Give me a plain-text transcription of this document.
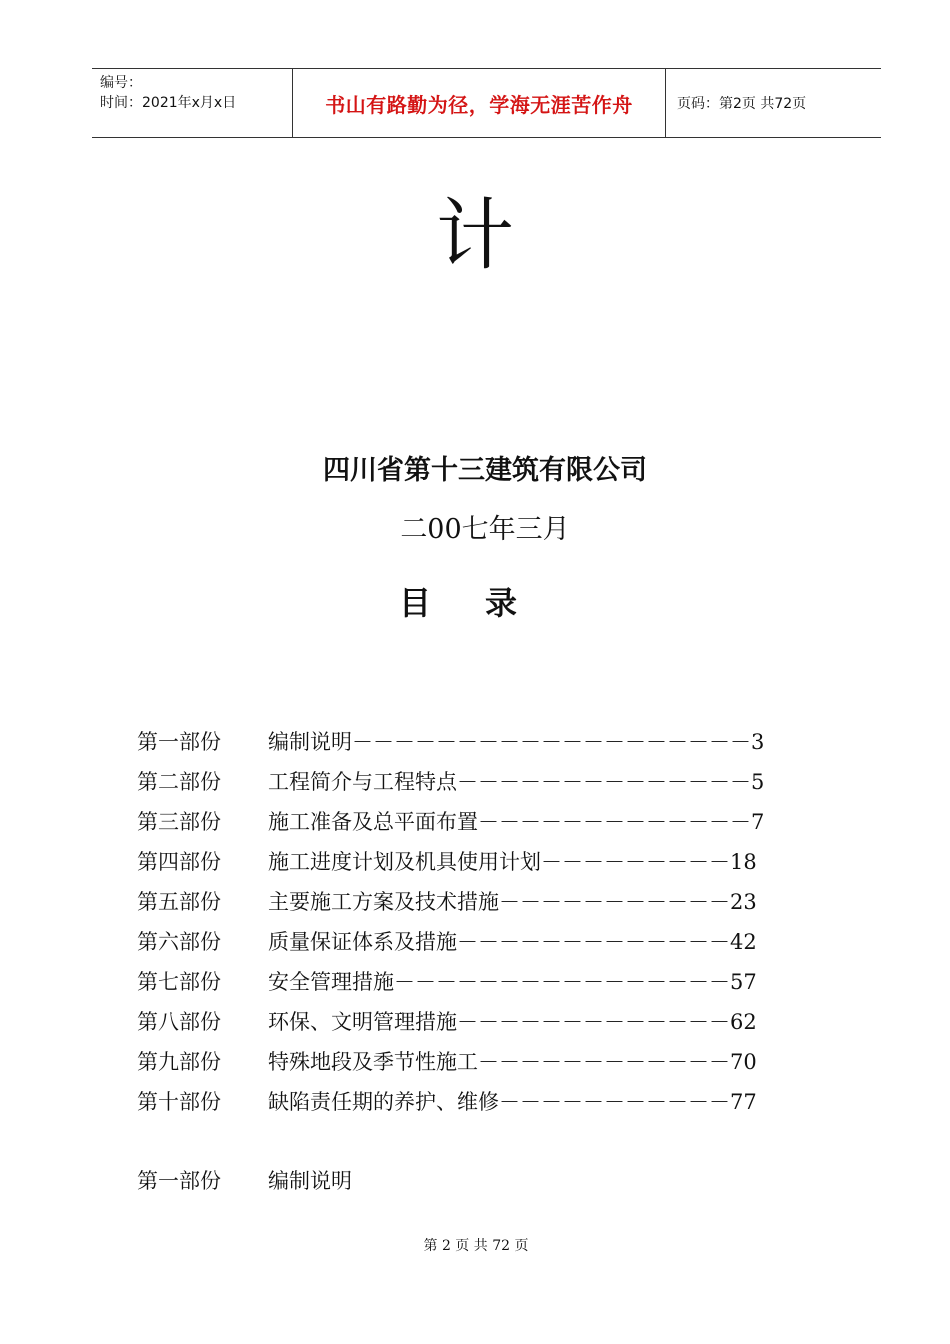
编号：
时间：2021年x月x日	书山有路勤为径，学海无涯苦作舟	页码：第2页 共72页
计
四川省第十三建筑有限公司
二00七年三月
目录
第一部份 编制说明－－－－－－－－－－－－－－－－－－－3
第二部份 工程简介与工程特点－－－－－－－－－－－－－－5
第三部份 施工准备及总平面布置－－－－－－－－－－－－－7
第四部份 施工进度计划及机具使用计划－－－－－－－－－18
第五部份 主要施工方案及技术措施－－－－－－－－－－－23
第六部份 质量保证体系及措施－－－－－－－－－－－－－42
第七部份 安全管理措施－－－－－－－－－－－－－－－－57
第八部份 环保、文明管理措施－－－－－－－－－－－－－62
第九部份 特殊地段及季节性施工－－－－－－－－－－－－70
第十部份 缺陷责任期的养护、维修－－－－－－－－－－－77
第一部份 编制说明
第 2 页 共 72 页
